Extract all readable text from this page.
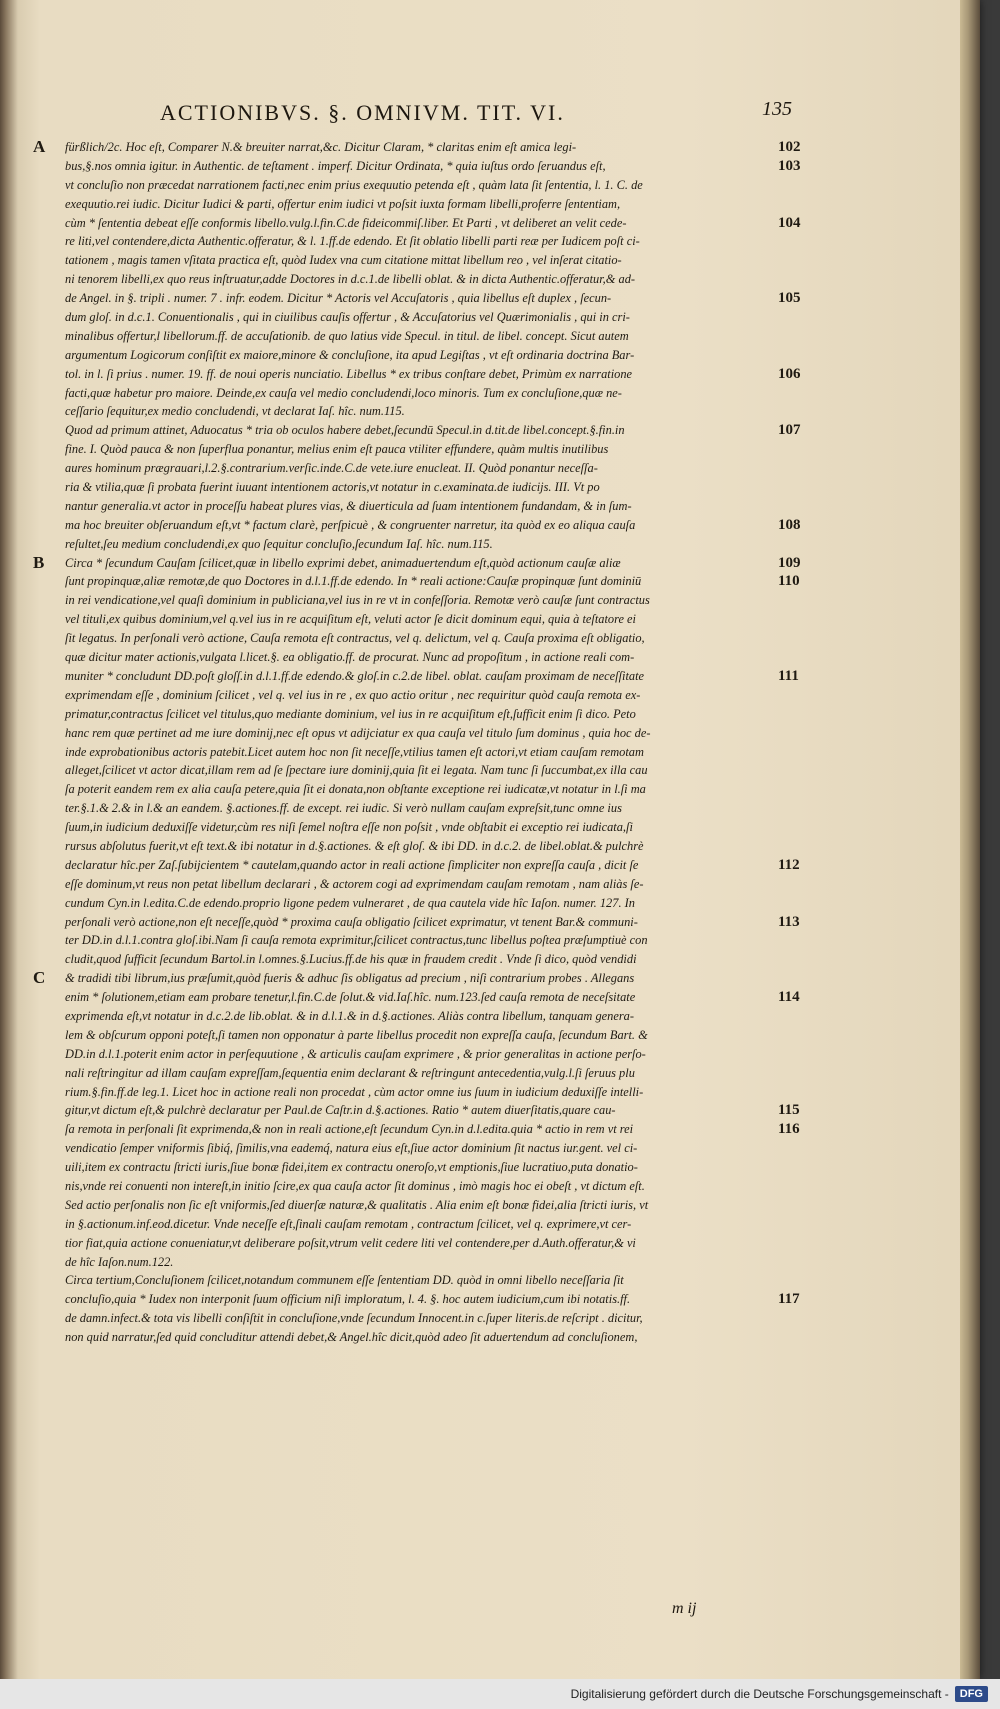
ACTIONIBVS. §. OMNIVM. TIT. VI.	135
A fürßlich/2c. Hoc eſt, Comparer N.& breuiter narrat,&c. Dicitur Claram, * claritas enim eſt amica legi-	102
bus,§.nos omnia igitur. in Authentic. de teſtament . imperf. Dicitur Ordinata, * quia iuſtus ordo ſeruandus eſt,	103
vt concluſio non præcedat narrationem facti,nec enim prius exequutio petenda eſt , quàm lata ſit ſententia, l. 1. C. de
exequutio.rei iudic. Dicitur Iudici & parti, offertur enim iudici vt poſsit iuxta formam libelli,proferre ſententiam,
cùm * ſententia debeat eſſe conformis libello.vulg.l.fin.C.de fideicommiſ.liber. Et Parti , vt deliberet an velit cede-	104
re liti,vel contendere,dicta Authentic.offeratur, & l. 1.ff.de edendo. Et ſit oblatio libelli parti reæ per Iudicem poſt ci-
tationem , magis tamen vſitata practica eſt, quòd Iudex vna cum citatione mittat libellum reo , vel inſerat citatio-
ni tenorem libelli,ex quo reus inſtruatur,adde Doctores in d.c.1.de libelli oblat. & in dicta Authentic.offeratur,& ad-
de Angel. in §. tripli . numer. 7 . infr. eodem. Dicitur * Actoris vel Accuſatoris , quia libellus eſt duplex , ſecun-	105
dum gloſ. in d.c.1. Conuentionalis , qui in ciuilibus cauſis offertur , & Accuſatorius vel Quærimonialis , qui in cri-
minalibus offertur,l libellorum.ff. de accuſationib. de quo latius vide Specul. in titul. de libel. concept. Sicut autem
argumentum Logicorum conſiſtit ex maiore,minore & concluſione, ita apud Legiſtas , vt eſt ordinaria doctrina Bar-
tol. in l. ſi prius . numer. 19. ff. de noui operis nunciatio. Libellus * ex tribus conſtare debet, Primùm ex narratione	106
facti,quæ habetur pro maiore. Deinde,ex cauſa vel medio concludendi,loco minoris. Tum ex concluſione,quæ ne-
ceſſario ſequitur,ex medio concludendi, vt declarat Iaſ. hîc. num.115.
Quod ad primum attinet, Aduocatus * tria ob oculos habere debet,ſecundū Specul.in d.tit.de libel.concept.§.fin.in	107
fine. I. Quòd pauca & non ſuperflua ponantur, melius enim eſt pauca vtiliter effundere, quàm multis inutilibus
aures hominum prægrauari,l.2.§.contrarium.verſic.inde.C.de vete.iure enucleat. II. Quòd ponantur neceſſa-
ria & vtilia,quæ ſi probata fuerint iuuant intentionem actoris,vt notatur in c.examinata.de iudicijs. III. Vt po
nantur generalia.vt actor in proceſſu habeat plures vias, & diuerticula ad ſuam intentionem fundandam, & in ſum-
ma hoc breuiter obſeruandum eſt,vt * factum clarè, perſpicuè , & congruenter narretur, ita quòd ex eo aliqua cauſa	108
reſultet,ſeu medium concludendi,ex quo ſequitur concluſio,ſecundum Iaſ. hîc. num.115.
B Circa * ſecundum Cauſam ſcilicet,quæ in libello exprimi debet, animaduertendum eſt,quòd actionum cauſæ aliæ	109
ſunt propinquæ,aliæ remotæ,de quo Doctores in d.l.1.ff.de edendo. In * reali actione:Cauſæ propinquæ ſunt dominiū	110
in rei vendicatione,vel quaſi dominium in publiciana,vel ius in re vt in confeſſoria. Remotæ verò cauſæ ſunt contractus
vel tituli,ex quibus dominium,vel q.vel ius in re acquiſitum eſt, veluti actor ſe dicit dominum equi, quia à teſtatore ei
ſit legatus. In perſonali verò actione, Cauſa remota eſt contractus, vel q. delictum, vel q. Cauſa proxima eſt obligatio,
quæ dicitur mater actionis,vulgata l.licet.§. ea obligatio.ff. de procurat. Nunc ad propoſitum , in actione reali com-
muniter * concludunt DD.poſt gloſſ.in d.l.1.ff.de edendo.& gloſ.in c.2.de libel. oblat. cauſam proximam de neceſſitate	111
exprimendam eſſe , dominium ſcilicet , vel q. vel ius in re , ex quo actio oritur , nec requiritur quòd cauſa remota ex-
primatur,contractus ſcilicet vel titulus,quo mediante dominium, vel ius in re acquiſitum eſt,ſufficit enim ſi dico. Peto
hanc rem quæ pertinet ad me iure dominij,nec eſt opus vt adijciatur ex qua cauſa vel titulo ſum dominus , quia hoc de-
inde exprobationibus actoris patebit.Licet autem hoc non ſit neceſſe,vtilius tamen eſt actori,vt etiam cauſam remotam
alleget,ſcilicet vt actor dicat,illam rem ad ſe ſpectare iure dominij,quia ſit ei legata. Nam tunc ſi ſuccumbat,ex illa cau
ſa poterit eandem rem ex alia cauſa petere,quia ſit ei donata,non obſtante exceptione rei iudicatæ,vt notatur in l.ſi ma
ter.§.1.& 2.& in l.& an eandem. §.actiones.ff. de except. rei iudic. Si verò nullam cauſam expreſsit,tunc omne ius
ſuum,in iudicium deduxiſſe videtur,cùm res niſi ſemel noſtra eſſe non poſsit , vnde obſtabit ei exceptio rei iudicata,ſi
rursus abſolutus fuerit,vt eſt text.& ibi notatur in d.§.actiones. & eſt gloſ. & ibi DD. in d.c.2. de libel.oblat.& pulchrè
declaratur hîc.per Zaſ.ſubijcientem * cautelam,quando actor in reali actione ſimpliciter non expreſſa cauſa , dicit ſe	112
eſſe dominum,vt reus non petat libellum declarari , & actorem cogi ad exprimendam cauſam remotam , nam aliàs ſe-
cundum Cyn.in l.edita.C.de edendo.proprio ligone pedem vulneraret , de qua cautela vide hîc Iaſon. numer. 127. In
perſonali verò actione,non eſt neceſſe,quòd * proxima cauſa obligatio ſcilicet exprimatur, vt tenent Bar.& communi-	113
ter DD.in d.l.1.contra gloſ.ibi.Nam ſi cauſa remota exprimitur,ſcilicet contractus,tunc libellus poſtea præſumptiuè con
cludit,quod ſufficit ſecundum Bartol.in l.omnes.§.Lucius.ff.de his quæ in fraudem credit . Vnde ſi dico, quòd vendidi
C & tradidi tibi librum,ius præſumit,quòd fueris & adhuc ſis obligatus ad precium , niſi contrarium probes . Allegans
enim * ſolutionem,etiam eam probare tenetur,l.fin.C.de ſolut.& vid.Iaſ.hîc. num.123.ſed cauſa remota de neceſsitate	114
exprimenda eſt,vt notatur in d.c.2.de lib.oblat. & in d.l.1.& in d.§.actiones. Aliàs contra libellum, tanquam genera-
lem & obſcurum opponi poteſt,ſi tamen non opponatur à parte libellus procedit non expreſſa cauſa, ſecundum Bart. &
DD.in d.l.1.poterit enim actor in perſequutione , & articulis cauſam exprimere , & prior generalitas in actione perſo-
nali reſtringitur ad illam cauſam expreſſam,ſequentia enim declarant & reſtringunt antecedentia,vulg.l.ſi ſeruus plu
rium.§.fin.ff.de leg.1. Licet hoc in actione reali non procedat , cùm actor omne ius ſuum in iudicium deduxiſſe intelli-
gitur,vt dictum eſt,& pulchrè declaratur per Paul.de Caſtr.in d.§.actiones. Ratio * autem diuerſitatis,quare cau-	115
ſa remota in perſonali ſit exprimenda,& non in reali actione,eſt ſecundum Cyn.in d.l.edita.quia * actio in rem vt rei	116
vendicatio ſemper vniformis ſibiq́, ſimilis,vna eademq́, natura eius eſt,ſiue actor dominium ſit nactus iur.gent. vel ci-
uili,item ex contractu ſtricti iuris,ſiue bonæ fidei,item ex contractu oneroſo,vt emptionis,ſiue lucratiuo,puta donatio-
nis,vnde rei conuenti non intereſt,in initio ſcire,ex qua cauſa actor ſit dominus , imò magis hoc ei obeſt , vt dictum eſt.
Sed actio perſonalis non ſic eſt vniformis,ſed diuerſæ naturæ,& qualitatis . Alia enim eſt bonæ fidei,alia ſtricti iuris, vt
in §.actionum.inf.eod.dicetur. Vnde neceſſe eſt,ſinali cauſam remotam , contractum ſcilicet, vel q. exprimere,vt cer-
tior fiat,quia actione conueniatur,vt deliberare poſsit,vtrum velit cedere liti vel contendere,per d.Auth.offeratur,& vi
de hîc Iaſon.num.122.
Circa tertium,Concluſionem ſcilicet,notandum communem eſſe ſententiam DD. quòd in omni libello neceſſaria ſit
concluſio,quia * Iudex non interponit ſuum officium niſi imploratum, l. 4. §. hoc autem iudicium,cum ibi notatis.ff.	117
de damn.infect.& tota vis libelli conſiſtit in concluſione,vnde ſecundum Innocent.in c.ſuper literis.de reſcript . dicitur,
non quid narratur,ſed quid concluditur attendi debet,& Angel.hîc dicit,quòd adeo ſit aduertendum ad concluſionem,
m ij
Digitalisierung gefördert durch die Deutsche Forschungsgemeinschaft -	DFG
